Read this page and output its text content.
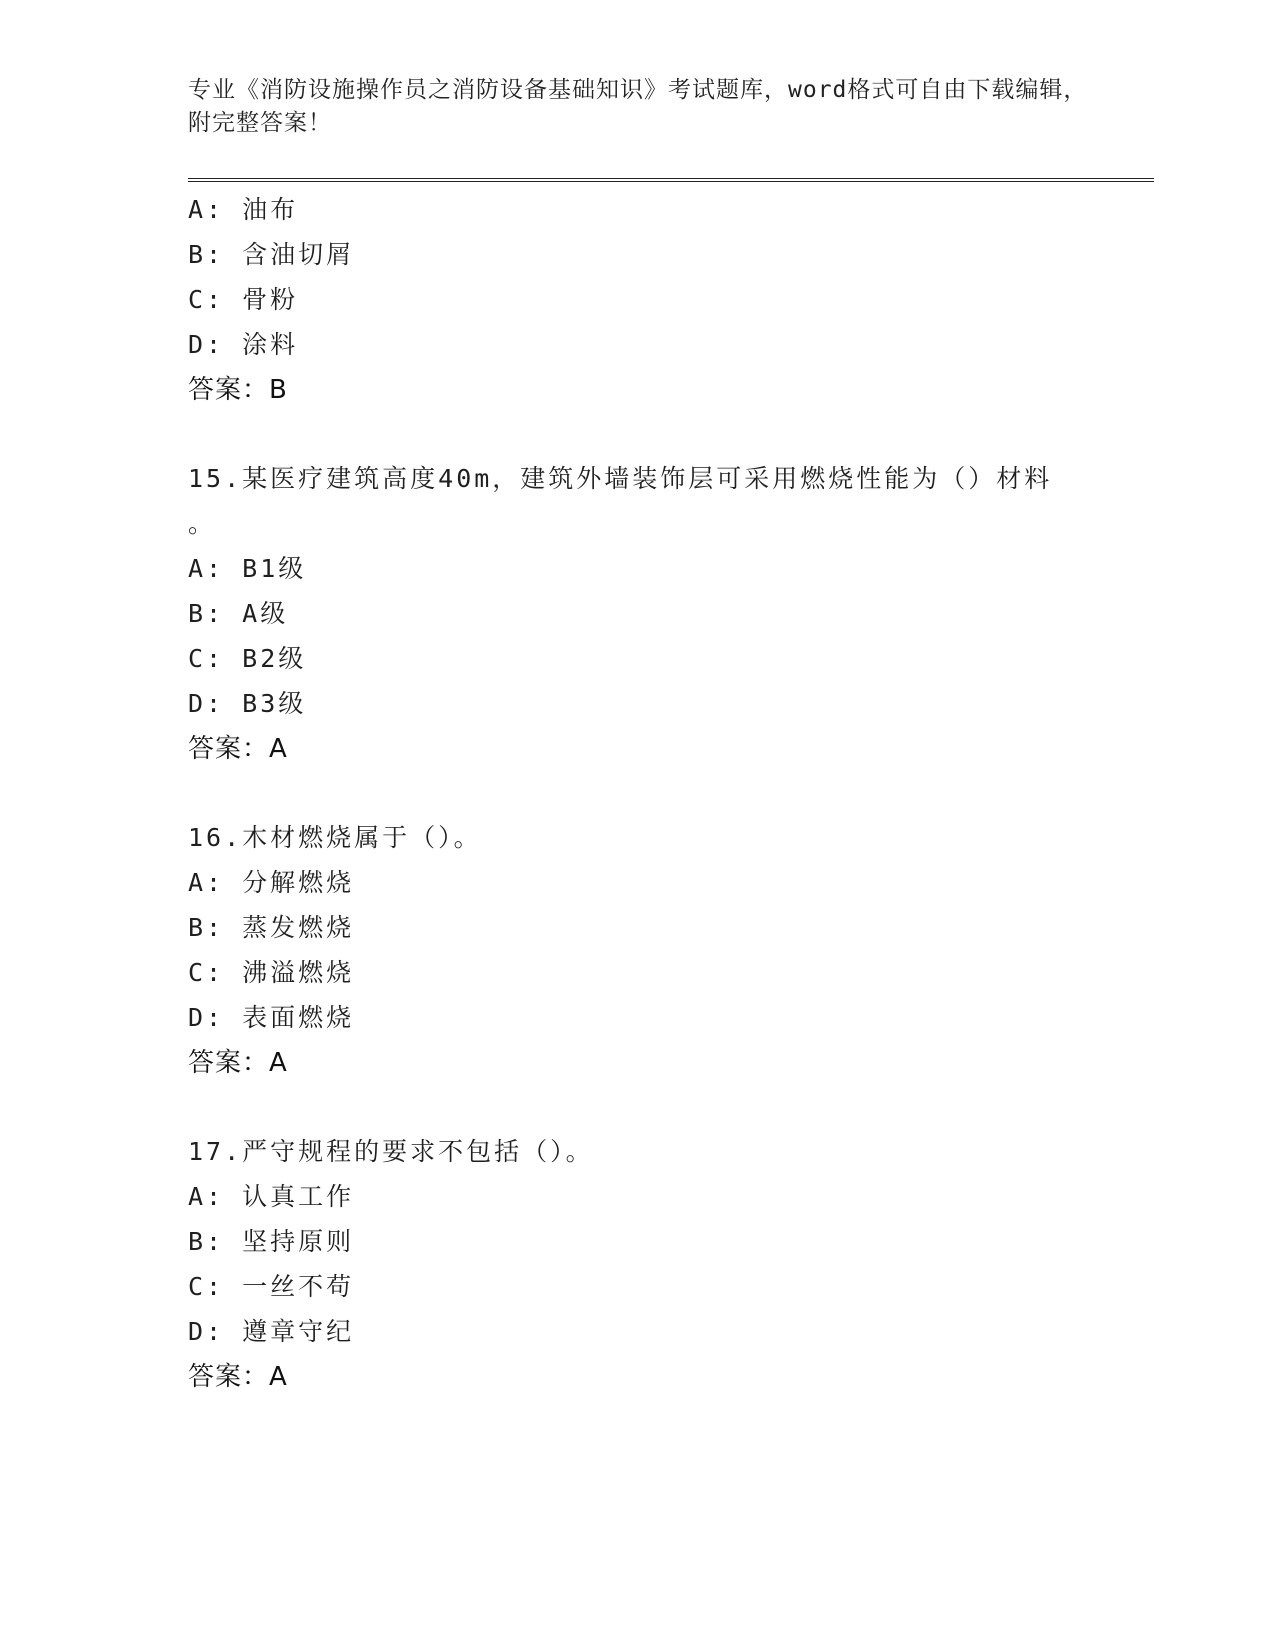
专业《消防设施操作员之消防设备基础知识》考试题库，word格式可自由下载编辑，附完整答案！
A: 油布
B: 含油切屑
C: 骨粉
D: 涂料
答案：B
15.某医疗建筑高度40m，建筑外墙装饰层可采用燃烧性能为（）材料
。
A: B1级
B: A级
C: B2级
D: B3级
答案：A
16.木材燃烧属于（）。
A: 分解燃烧
B: 蒸发燃烧
C: 沸溢燃烧
D: 表面燃烧
答案：A
17.严守规程的要求不包括（）。
A: 认真工作
B: 坚持原则
C: 一丝不苟
D: 遵章守纪
答案：A
